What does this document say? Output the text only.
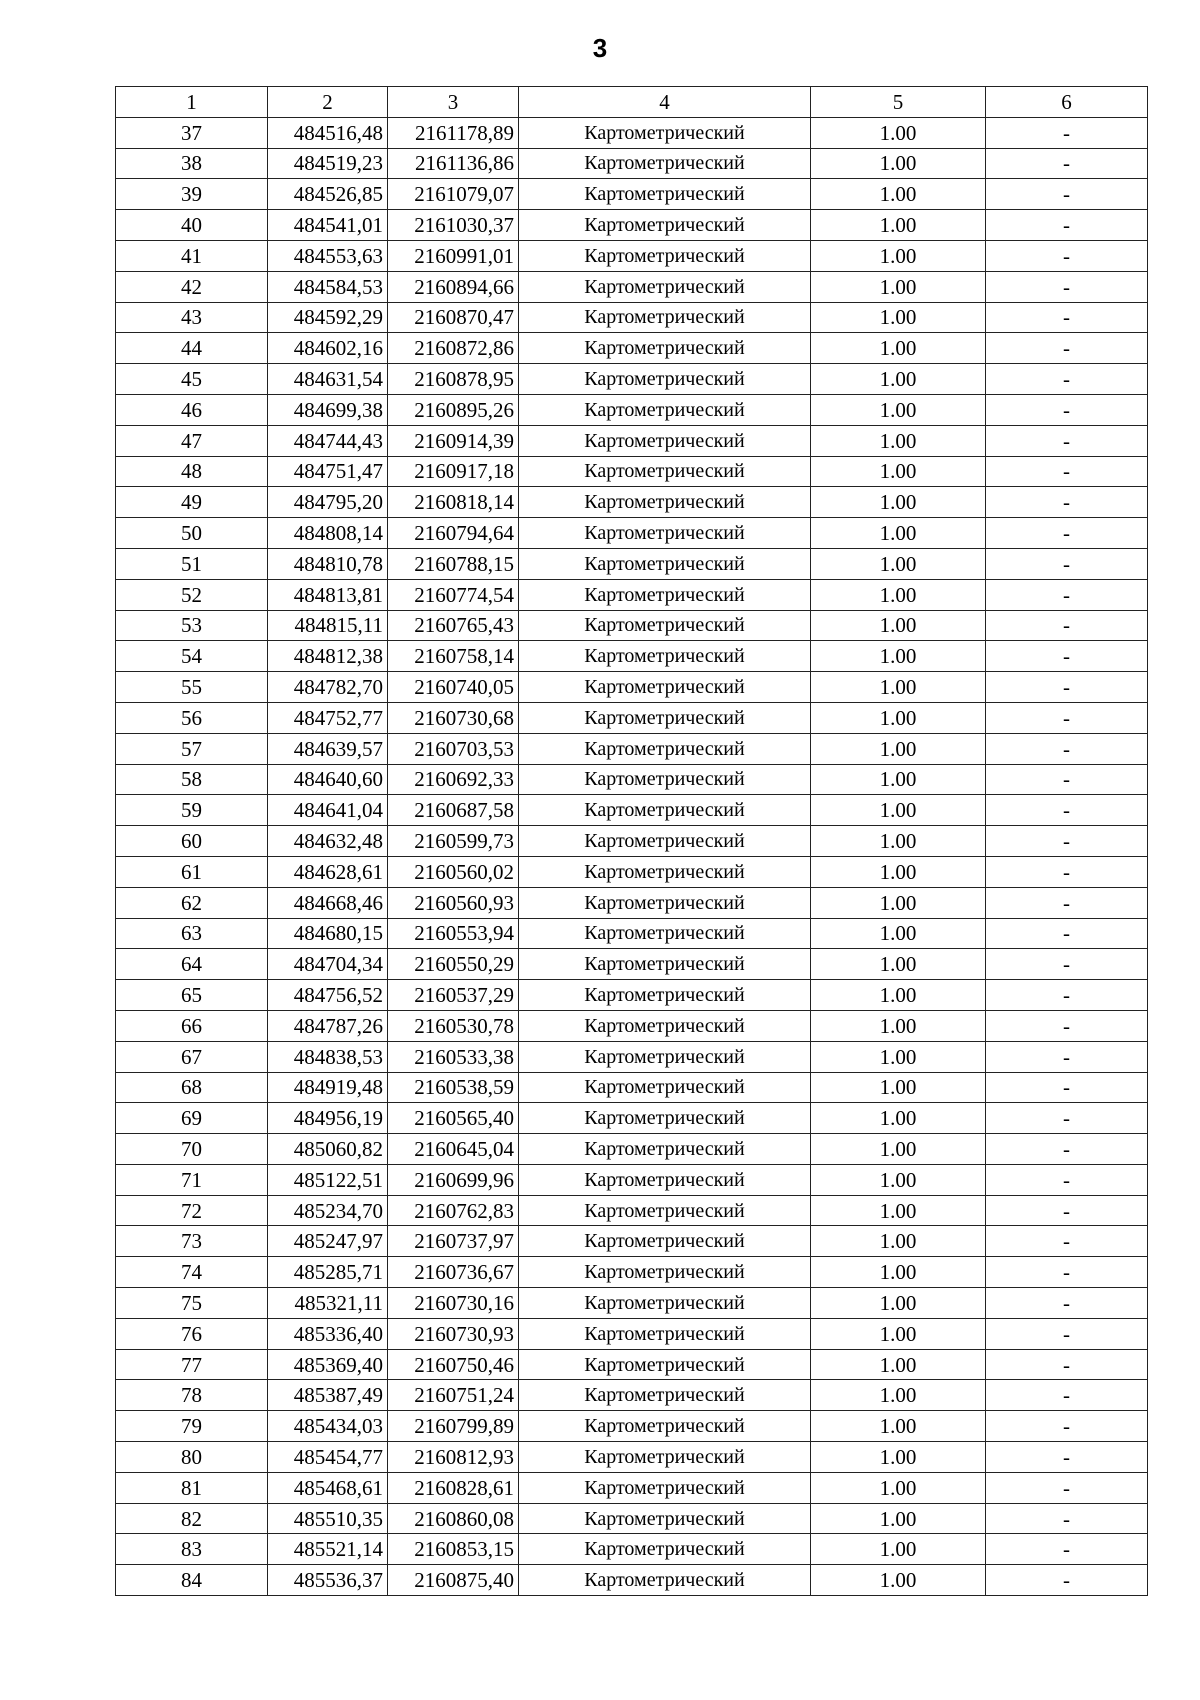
3
1	2	3	4	5	6
37	484516,48	2161178,89	Картометрический	1.00	-
38	484519,23	2161136,86	Картометрический	1.00	-
39	484526,85	2161079,07	Картометрический	1.00	-
40	484541,01	2161030,37	Картометрический	1.00	-
41	484553,63	2160991,01	Картометрический	1.00	-
42	484584,53	2160894,66	Картометрический	1.00	-
43	484592,29	2160870,47	Картометрический	1.00	-
44	484602,16	2160872,86	Картометрический	1.00	-
45	484631,54	2160878,95	Картометрический	1.00	-
46	484699,38	2160895,26	Картометрический	1.00	-
47	484744,43	2160914,39	Картометрический	1.00	-
48	484751,47	2160917,18	Картометрический	1.00	-
49	484795,20	2160818,14	Картометрический	1.00	-
50	484808,14	2160794,64	Картометрический	1.00	-
51	484810,78	2160788,15	Картометрический	1.00	-
52	484813,81	2160774,54	Картометрический	1.00	-
53	484815,11	2160765,43	Картометрический	1.00	-
54	484812,38	2160758,14	Картометрический	1.00	-
55	484782,70	2160740,05	Картометрический	1.00	-
56	484752,77	2160730,68	Картометрический	1.00	-
57	484639,57	2160703,53	Картометрический	1.00	-
58	484640,60	2160692,33	Картометрический	1.00	-
59	484641,04	2160687,58	Картометрический	1.00	-
60	484632,48	2160599,73	Картометрический	1.00	-
61	484628,61	2160560,02	Картометрический	1.00	-
62	484668,46	2160560,93	Картометрический	1.00	-
63	484680,15	2160553,94	Картометрический	1.00	-
64	484704,34	2160550,29	Картометрический	1.00	-
65	484756,52	2160537,29	Картометрический	1.00	-
66	484787,26	2160530,78	Картометрический	1.00	-
67	484838,53	2160533,38	Картометрический	1.00	-
68	484919,48	2160538,59	Картометрический	1.00	-
69	484956,19	2160565,40	Картометрический	1.00	-
70	485060,82	2160645,04	Картометрический	1.00	-
71	485122,51	2160699,96	Картометрический	1.00	-
72	485234,70	2160762,83	Картометрический	1.00	-
73	485247,97	2160737,97	Картометрический	1.00	-
74	485285,71	2160736,67	Картометрический	1.00	-
75	485321,11	2160730,16	Картометрический	1.00	-
76	485336,40	2160730,93	Картометрический	1.00	-
77	485369,40	2160750,46	Картометрический	1.00	-
78	485387,49	2160751,24	Картометрический	1.00	-
79	485434,03	2160799,89	Картометрический	1.00	-
80	485454,77	2160812,93	Картометрический	1.00	-
81	485468,61	2160828,61	Картометрический	1.00	-
82	485510,35	2160860,08	Картометрический	1.00	-
83	485521,14	2160853,15	Картометрический	1.00	-
84	485536,37	2160875,40	Картометрический	1.00	-
